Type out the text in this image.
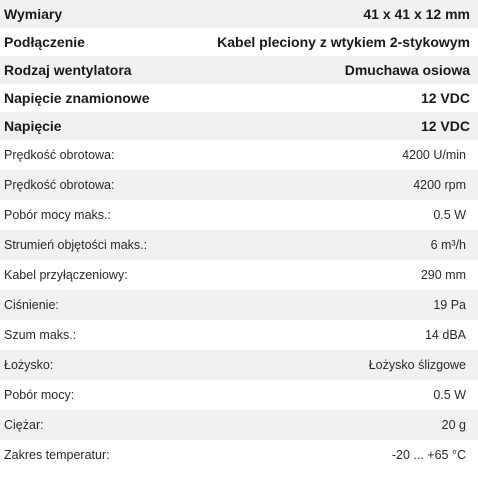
Wymiary	41 x 41 x 12 mm
Podłączenie	Kabel pleciony z wtykiem 2-stykowym
Rodzaj wentylatora	Dmuchawa osiowa
Napięcie znamionowe	12 VDC
Napięcie	12 VDC
Prędkość obrotowa:	4200 U/min
Prędkość obrotowa:	4200 rpm
Pobór mocy maks.:	0.5 W
Strumień objętości maks.:	6 m³/h
Kabel przyłączeniowy:	290 mm
Ciśnienie:	19 Pa
Szum maks.:	14 dBA
Łożysko:	Łożysko ślizgowe
Pobór mocy:	0.5 W
Ciężar:	20 g
Zakres temperatur:	-20 ... +65 °C
